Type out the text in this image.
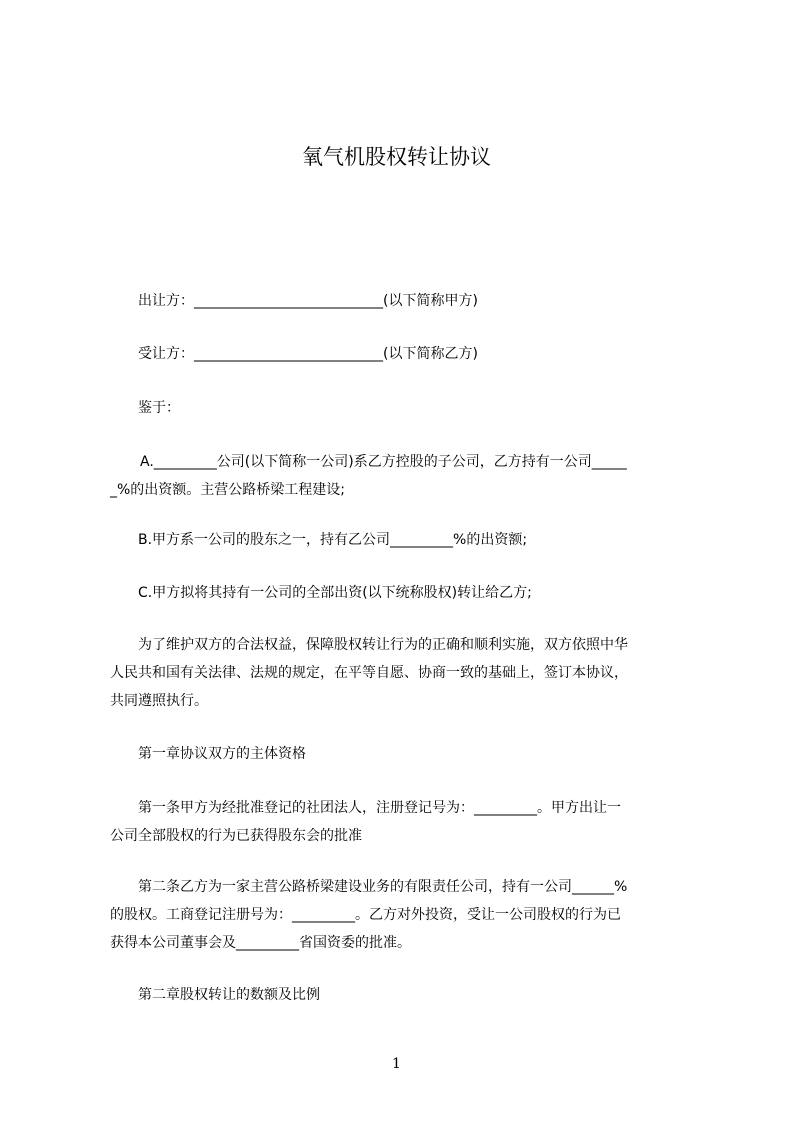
氧气机股权转让协议
出让方：___________________________(以下简称甲方)
受让方：___________________________(以下简称乙方)
鉴于：
A._________公司(以下简称一公司)系乙方控股的子公司，乙方持有一公司_____
_%的出资额。主营公路桥梁工程建设;
B.甲方系一公司的股东之一，持有乙公司_________%的出资额;
C.甲方拟将其持有一公司的全部出资(以下统称股权)转让给乙方;
为了维护双方的合法权益，保障股权转让行为的正确和顺利实施，双方依照中华
人民共和国有关法律、法规的规定，在平等自愿、协商一致的基础上，签订本协议，
共同遵照执行。
第一章协议双方的主体资格
第一条甲方为经批准登记的社团法人，注册登记号为：_________。甲方出让一
公司全部股权的行为已获得股东会的批准
第二条乙方为一家主营公路桥梁建设业务的有限责任公司，持有一公司______%
的股权。工商登记注册号为：_________。乙方对外投资，受让一公司股权的行为已
获得本公司董事会及_________省国资委的批准。
第二章股权转让的数额及比例
1
